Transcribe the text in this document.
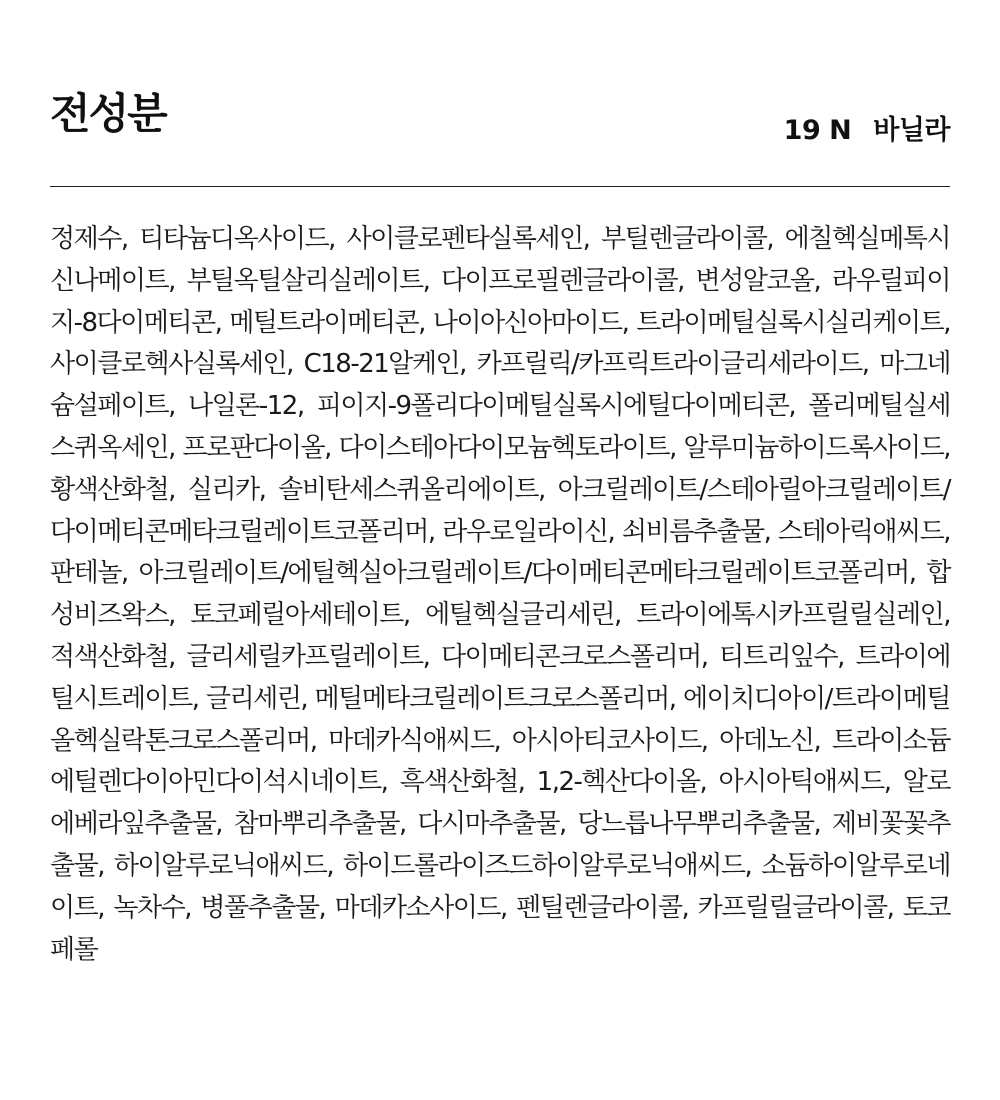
전성분	19 N 바닐라

정제수, 티타늄디옥사이드, 사이클로펜타실록세인, 부틸렌글라이콜, 에칠헥실메톡시신나메이트, 부틸옥틸살리실레이트, 다이프로필렌글라이콜, 변성알코올, 라우릴피이지-8다이메티콘, 메틸트라이메티콘, 나이아신아마이드, 트라이메틸실록시실리케이트, 사이클로헥사실록세인, C18-21알케인, 카프릴릭/카프릭트라이글리세라이드, 마그네슘설페이트, 나일론-12, 피이지-9폴리다이메틸실록시에틸다이메티콘, 폴리메틸실세스퀴옥세인, 프로판다이올, 다이스테아다이모늄헥토라이트, 알루미늄하이드록사이드, 황색산화철, 실리카, 솔비탄세스퀴올리에이트, 아크릴레이트/스테아릴아크릴레이트/다이메티콘메타크릴레이트코폴리머, 라우로일라이신, 쇠비름추출물, 스테아릭애씨드, 판테놀, 아크릴레이트/에틸헥실아크릴레이트/다이메티콘메타크릴레이트코폴리머, 합성비즈왁스, 토코페릴아세테이트, 에틸헥실글리세린, 트라이에톡시카프릴릴실레인, 적색산화철, 글리세릴카프릴레이트, 다이메티콘크로스폴리머, 티트리잎수, 트라이에틸시트레이트, 글리세린, 메틸메타크릴레이트크로스폴리머, 에이치디아이/트라이메틸올헥실락톤크로스폴리머, 마데카식애씨드, 아시아티코사이드, 아데노신, 트라이소듐에틸렌다이아민다이석시네이트, 흑색산화철, 1,2-헥산다이올, 아시아틱애씨드, 알로에베라잎추출물, 참마뿌리추출물, 다시마추출물, 당느릅나무뿌리추출물, 제비꽃꽃추출물, 하이알루로닉애씨드, 하이드롤라이즈드하이알루로닉애씨드, 소듐하이알루로네이트, 녹차수, 병풀추출물, 마데카소사이드, 펜틸렌글라이콜, 카프릴릴글라이콜, 토코페롤
